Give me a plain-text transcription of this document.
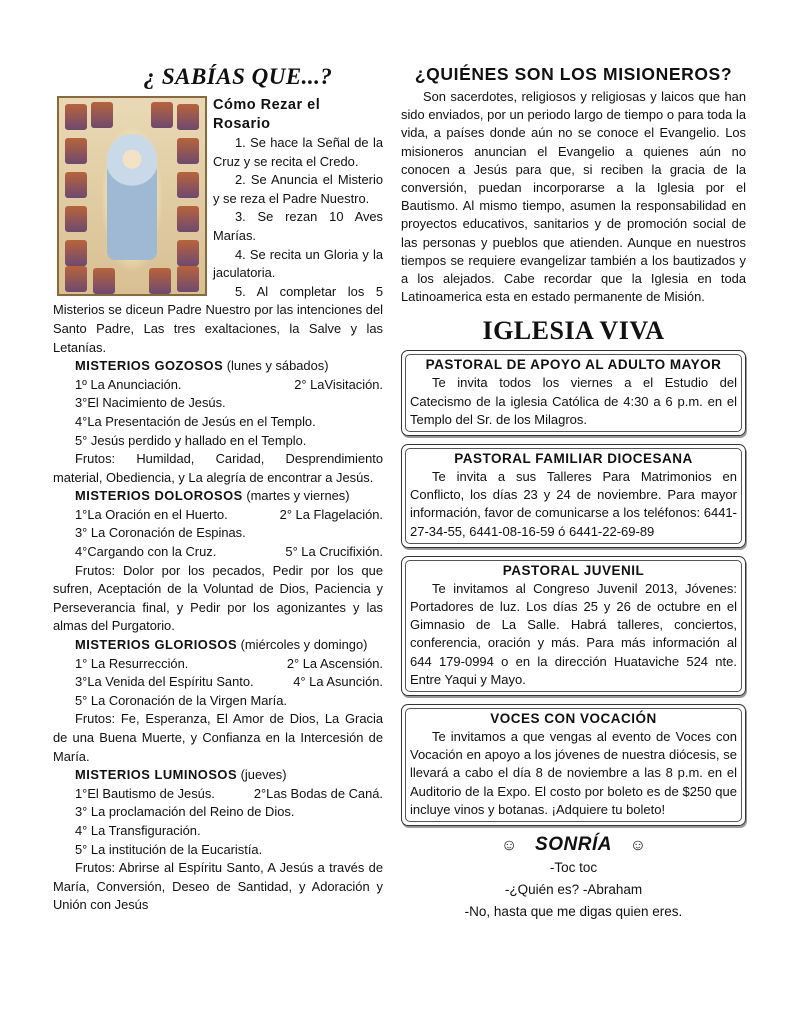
¿ SABÍAS QUE...?
Cómo Rezar el
Rosario

1. Se hace la Señal de la Cruz y se recita el Credo.

2. Se Anuncia el Misterio y se reza el Padre Nuestro.

3. Se rezan 10 Aves Marías.

4. Se recita un Gloria y la jaculatoria.

5. Al completar los 5 Misterios se diceun Padre Nuestro por las intenciones del Santo Padre, Las tres exaltaciones, la Salve y las Letanías.

MISTERIOS GOZOSOS (lunes y sábados)
1º La Anunciación.	2° LaVisitación.
3°El Nacimiento de Jesús.
4°La Presentación de Jesús en el Templo.
5° Jesús perdido y hallado en el Templo.

Frutos: Humildad, Caridad, Desprendimiento material, Obediencia, y La alegría de encontrar a Jesús.

MISTERIOS DOLOROSOS (martes y viernes)
1°La Oración en el Huerto.	2° La Flagelación.
3° La Coronación de Espinas.
4°Cargando con la Cruz.	5° La Crucifixión.

Frutos: Dolor por los pecados, Pedir por los que sufren, Aceptación de la Voluntad de Dios, Paciencia y Perseverancia final, y Pedir por los agonizantes y las almas del Purgatorio.

MISTERIOS GLORIOSOS (miércoles y domingo)
1° La Resurrección.	2° La Ascensión.
3°La Venida del Espíritu Santo.	4° La Asunción.
5° La Coronación de la Virgen María.

Frutos: Fe, Esperanza, El Amor de Dios, La Gracia de una Buena Muerte, y Confianza en la Intercesión de María.

MISTERIOS LUMINOSOS (jueves)
1°El Bautismo de Jesús.	2°Las Bodas de Caná.
3° La proclamación del Reino de Dios.
4° La Transfiguración.
5° La institución de la Eucaristía.

Frutos: Abrirse al Espíritu Santo, A Jesús a través de María, Conversión, Deseo de Santidad, y Adoración y Unión con Jesús

¿QUIÉNES SON LOS MISIONEROS?

Son sacerdotes, religiosos y religiosas y laicos que han sido enviados, por un periodo largo de tiempo o para toda la vida, a países donde aún no se conoce el Evangelio. Los misioneros anuncian el Evangelio a quienes aún no conocen a Jesús para que, si reciben la gracia de la conversión, puedan incorporarse a la Iglesia por el Bautismo. Al mismo tiempo, asumen la responsabilidad en proyectos educativos, sanitarios y de promoción social de las personas y pueblos que atienden. Aunque en nuestros tiempos se requiere evangelizar también a los bautizados y a los alejados. Cabe recordar que la Iglesia en toda Latinoamerica esta en estado permanente de Misión.

IGLESIA VIVA
PASTORAL DE APOYO AL ADULTO MAYOR

Te invita todos los viernes a el Estudio del Catecismo de la iglesia Católica de 4:30 a 6 p.m. en el Templo del Sr. de los Milagros.

PASTORAL FAMILIAR DIOCESANA

Te invita a sus Talleres Para Matrimonios en Conflicto, los días 23 y 24 de noviembre. Para mayor información, favor de comunicarse a los teléfonos: 6441-27-34-55, 6441-08-16-59 ó 6441-22-69-89

PASTORAL JUVENIL

Te invitamos al Congreso Juvenil 2013, Jóvenes: Portadores de luz. Los días 25 y 26 de octubre en el Gimnasio de La Salle. Habrá talleres, conciertos, conferencia, oración y más. Para más información al 644 179-0994 o en la dirección Huataviche 524 nte. Entre Yaqui y Mayo.

VOCES CON VOCACIÓN

Te invitamos a que vengas al evento de Voces con Vocación en apoyo a los jóvenes de nuestra diócesis, se llevará a cabo el día 8 de noviembre a las 8 p.m. en el Auditorio de la Expo. El costo por boleto es de $250 que incluye vinos y botanas. ¡Adquiere tu boleto!

☺ SONRÍA ☺
-Toc toc
-¿Quién es? -Abraham
-No, hasta que me digas quien eres.
